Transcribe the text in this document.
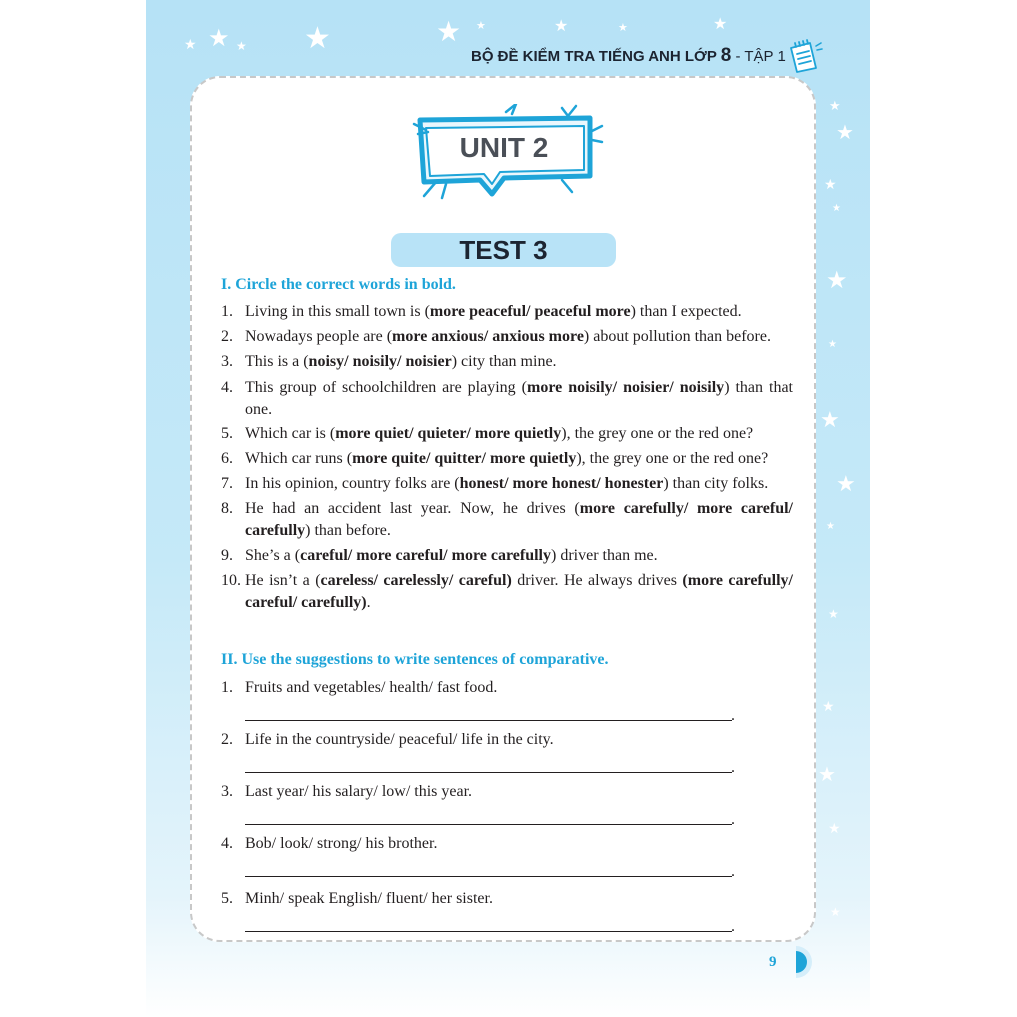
★ ★ ★ ★	★ ★	★	★	★
★
★
★
★
★
★
★
★
★
★
★
★
★
★
BỘ ĐỀ KIỂM TRA TIẾNG ANH LỚP 8 - TẬP 1
UNIT 2
TEST 3
I. Circle the correct words in bold.
1. Living in this small town is (more peaceful/ peaceful more) than I expected.
2. Nowadays people are (more anxious/ anxious more) about pollution than before.
3. This is a (noisy/ noisily/ noisier) city than mine.
4. This group of schoolchildren are playing (more noisily/ noisier/ noisily) than that one.
5. Which car is (more quiet/ quieter/ more quietly), the grey one or the red one?
6. Which car runs (more quite/ quitter/ more quietly), the grey one or the red one?
7. In his opinion, country folks are (honest/ more honest/ honester) than city folks.
8. He had an accident last year. Now, he drives (more carefully/ more careful/ carefully) than before.
9. She’s a (careful/ more careful/ more carefully) driver than me.
10. He isn’t a (careless/ carelessly/ careful) driver. He always drives (more carefully/ careful/ carefully).
II. Use the suggestions to write sentences of comparative.
1. Fruits and vegetables/ health/ fast food.
.
2. Life in the countryside/ peaceful/ life in the city.
.
3. Last year/ his salary/ low/ this year.
.
4. Bob/ look/ strong/ his brother.
.
5. Minh/ speak English/ fluent/ her sister.
.
9
